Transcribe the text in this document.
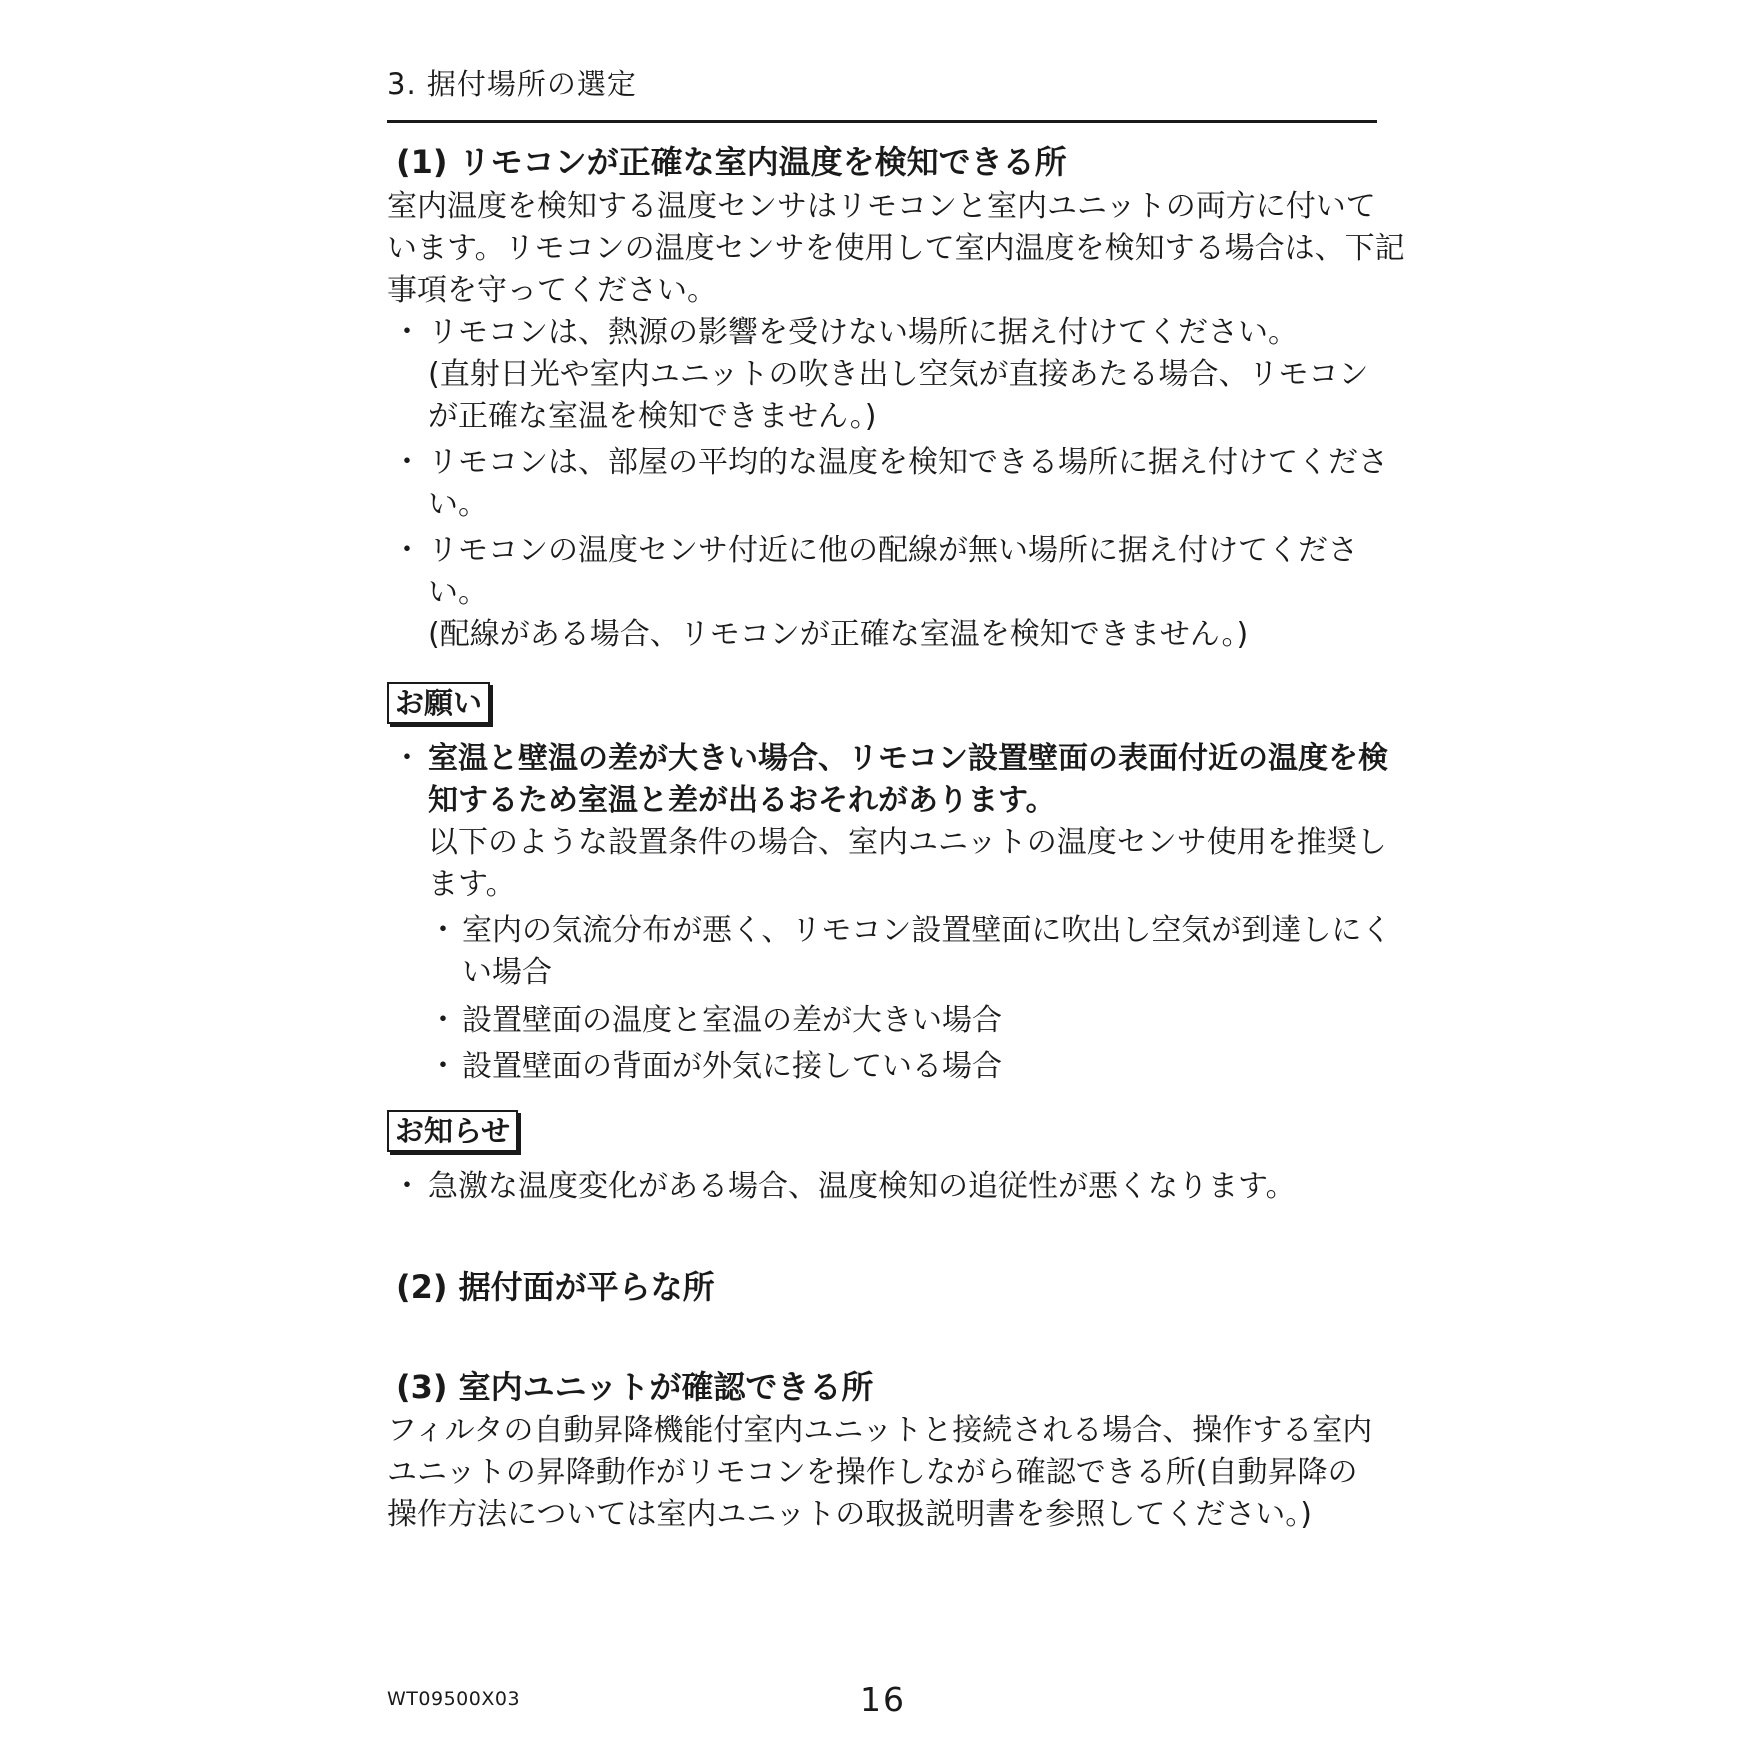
3. 据付場所の選定
(1) リモコンが正確な室内温度を検知できる所
室内温度を検知する温度センサはリモコンと室内ユニットの両方に付いて
います。リモコンの温度センサを使用して室内温度を検知する場合は、下記
事項を守ってください。
・ リモコンは、熱源の影響を受けない場所に据え付けてください。
(直射日光や室内ユニットの吹き出し空気が直接あたる場合、リモコン
が正確な室温を検知できません。)
・ リモコンは、部屋の平均的な温度を検知できる場所に据え付けてくださ
い。
・ リモコンの温度センサ付近に他の配線が無い場所に据え付けてくださ
い。
(配線がある場合、リモコンが正確な室温を検知できません。)
お願い
・ 室温と壁温の差が大きい場合、リモコン設置壁面の表面付近の温度を検
知するため室温と差が出るおそれがあります。
以下のような設置条件の場合、室内ユニットの温度センサ使用を推奨し
ます。
・ 室内の気流分布が悪く、リモコン設置壁面に吹出し空気が到達しにく
い場合
・ 設置壁面の温度と室温の差が大きい場合
・ 設置壁面の背面が外気に接している場合
お知らせ
・ 急激な温度変化がある場合、温度検知の追従性が悪くなります。
(2) 据付面が平らな所
(3) 室内ユニットが確認できる所
フィルタの自動昇降機能付室内ユニットと接続される場合、操作する室内
ユニットの昇降動作がリモコンを操作しながら確認できる所(自動昇降の
操作方法については室内ユニットの取扱説明書を参照してください。)
WT09500X03	16
